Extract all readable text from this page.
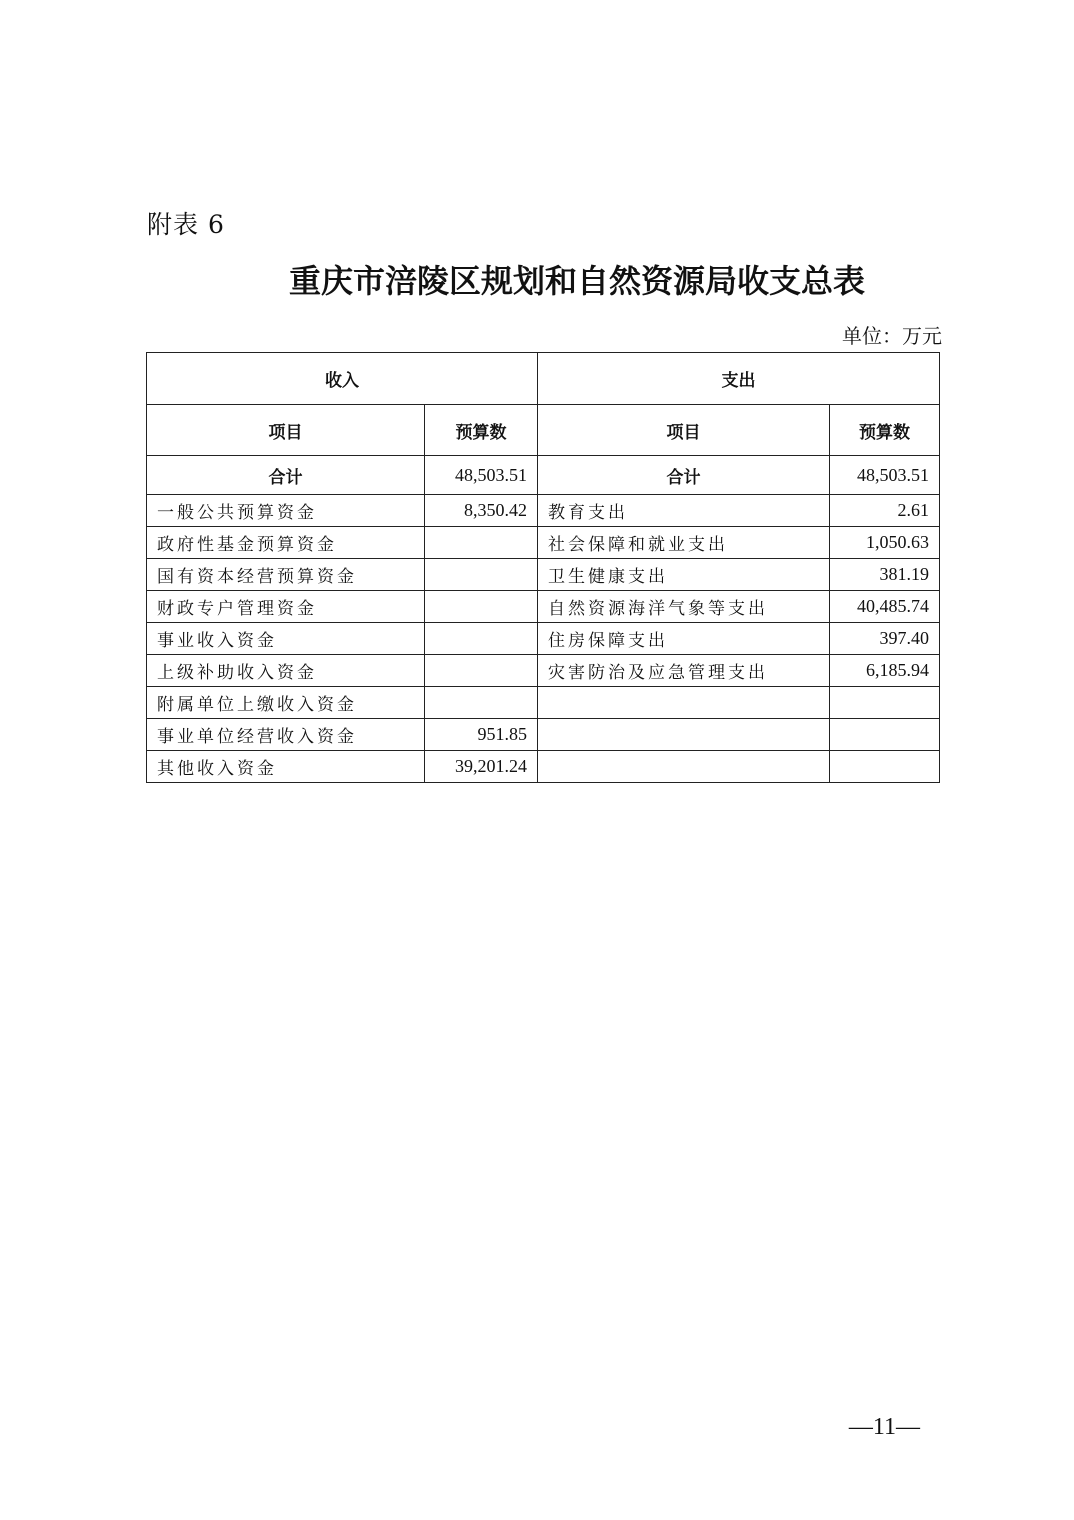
附表 6
重庆市涪陵区规划和自然资源局收支总表
单位：万元
收入		支出	
项目	预算数	项目	预算数
合计	48,503.51	合计	48,503.51
一般公共预算资金	8,350.42	教育支出	2.61
政府性基金预算资金		社会保障和就业支出	1,050.63
国有资本经营预算资金		卫生健康支出	381.19
财政专户管理资金		自然资源海洋气象等支出	40,485.74
事业收入资金		住房保障支出	397.40
上级补助收入资金		灾害防治及应急管理支出	6,185.94
附属单位上缴收入资金			
事业单位经营收入资金	951.85		
其他收入资金	39,201.24		
—11—
